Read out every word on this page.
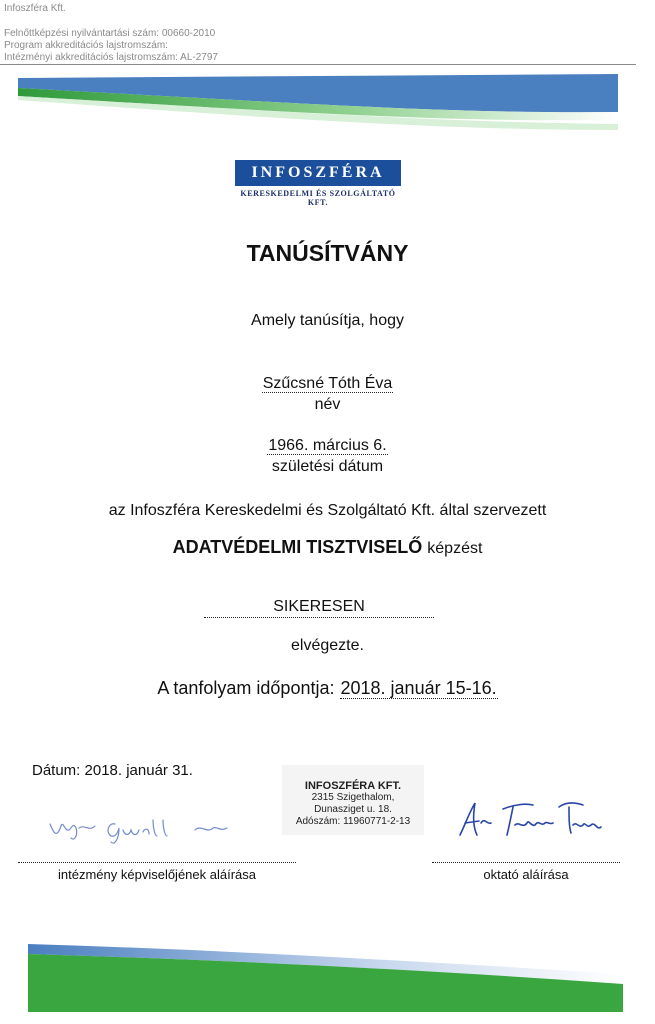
Infoszféra Kft.
Felnőttképzési nyilvántartási szám: 00660-2010
Program akkreditációs lajstromszám:
Intézményi akkreditációs lajstromszám: AL-2797
INFOSZFÉRA
KERESKEDELMI ÉS SZOLGÁLTATÓ
KFT.
TANÚSÍTVÁNY
Amely tanúsítja, hogy
Szűcsné Tóth Éva
név
1966. március 6.
születési dátum
az Infoszféra Kereskedelmi és Szolgáltató Kft. által szervezett
ADATVÉDELMI TISZTVISELŐ képzést
SIKERESEN
elvégezte.
A tanfolyam időpontja: 2018. január 15-16.
Dátum: 2018. január 31.
INFOSZFÉRA KFT.
2315 Szigethalom,
Dunasziget u. 18.
Adószám: 11960771-2-13
intézmény képviselőjének aláírása	oktató aláírása
